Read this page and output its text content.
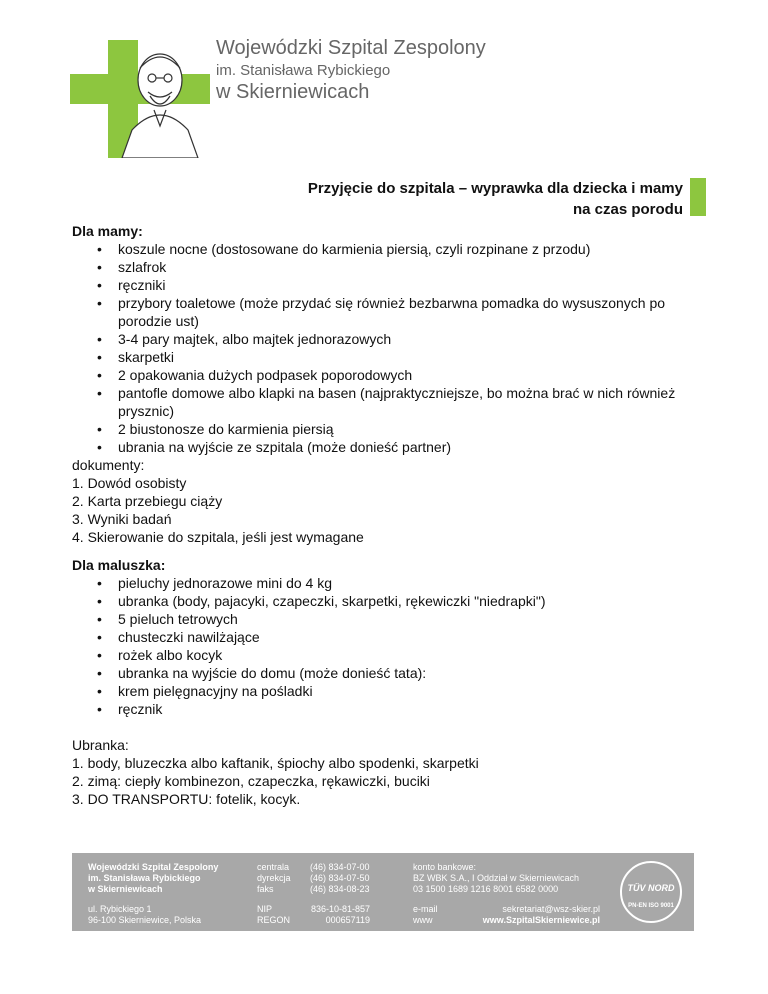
Wojewódzki Szpital Zespolony
im. Stanisława Rybickiego
w Skierniewicach
Przyjęcie do szpitala – wyprawka dla dziecka i mamy
na czas porodu

Dla mamy:

• koszule nocne (dostosowane do karmienia piersią, czyli rozpinane z przodu)
• szlafrok
• ręczniki
• przybory toaletowe (może przydać się również bezbarwna pomadka do wysuszonych po porodzie ust)
• 3-4 pary majtek, albo majtek jednorazowych
• skarpetki
• 2 opakowania dużych podpasek poporodowych
• pantofle domowe albo klapki na basen (najpraktyczniejsze, bo można brać w nich również prysznic)
• 2 biustonosze do karmienia piersią
• ubrania na wyjście ze szpitala (może donieść partner)

dokumenty:

1. Dowód osobisty

2. Karta przebiegu ciąży

3. Wyniki badań

4. Skierowanie do szpitala, jeśli jest wymagane

Dla maluszka:

• pieluchy jednorazowe mini do 4 kg
• ubranka (body, pajacyki, czapeczki, skarpetki, rękewiczki "niedrapki")
• 5 pieluch tetrowych
• chusteczki nawilżające
• rożek albo kocyk
• ubranka na wyjście do domu (może donieść tata):
• krem pielęgnacyjny na pośladki
• ręcznik

Ubranka:

1. body, bluzeczka albo kaftanik, śpiochy albo spodenki, skarpetki

2. zimą: ciepły kombinezon, czapeczka, rękawiczki, buciki

3. DO TRANSPORTU: fotelik, kocyk.

Wojewódzki Szpital Zespolony
im. Stanisława Rybickiego
w Skierniewicach
ul. Rybickiego 1
96-100 Skierniewice, Polska
centrala
dyrekcja
faks
(46) 834-07-00
(46) 834-07-50
(46) 834-08-23
NIP
REGON
836-10-81-857
000657119
konto bankowe:
BZ WBK S.A., I Oddział w Skierniewicach
03 1500 1689 1216 8001 6582 0000
e-mail
www
sekretariat@wsz-skier.pl
www.SzpitalSkierniewice.pl
TÜV NORD
PN-EN ISO 9001
